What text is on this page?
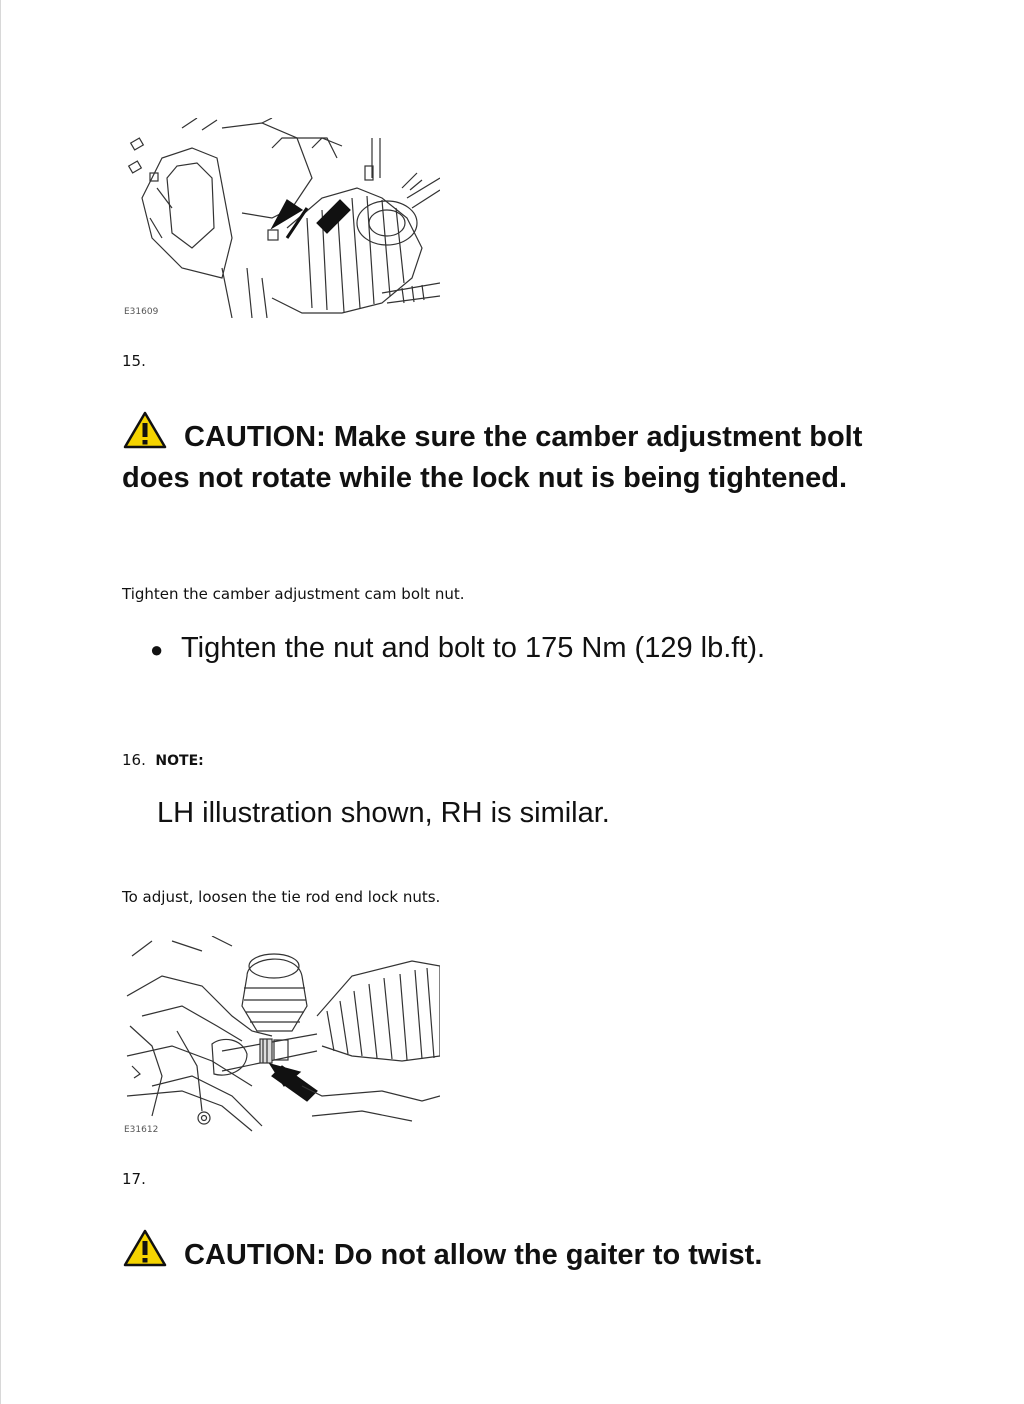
E31609
15.
CAUTION: Make sure the camber adjustment bolt does not rotate while the lock nut is being tightened.
Tighten the camber adjustment cam bolt nut.
● Tighten the nut and bolt to 175 Nm (129 lb.ft).
16. NOTE:
LH illustration shown, RH is similar.
To adjust, loosen the tie rod end lock nuts.
E31612
17.
CAUTION: Do not allow the gaiter to twist.
